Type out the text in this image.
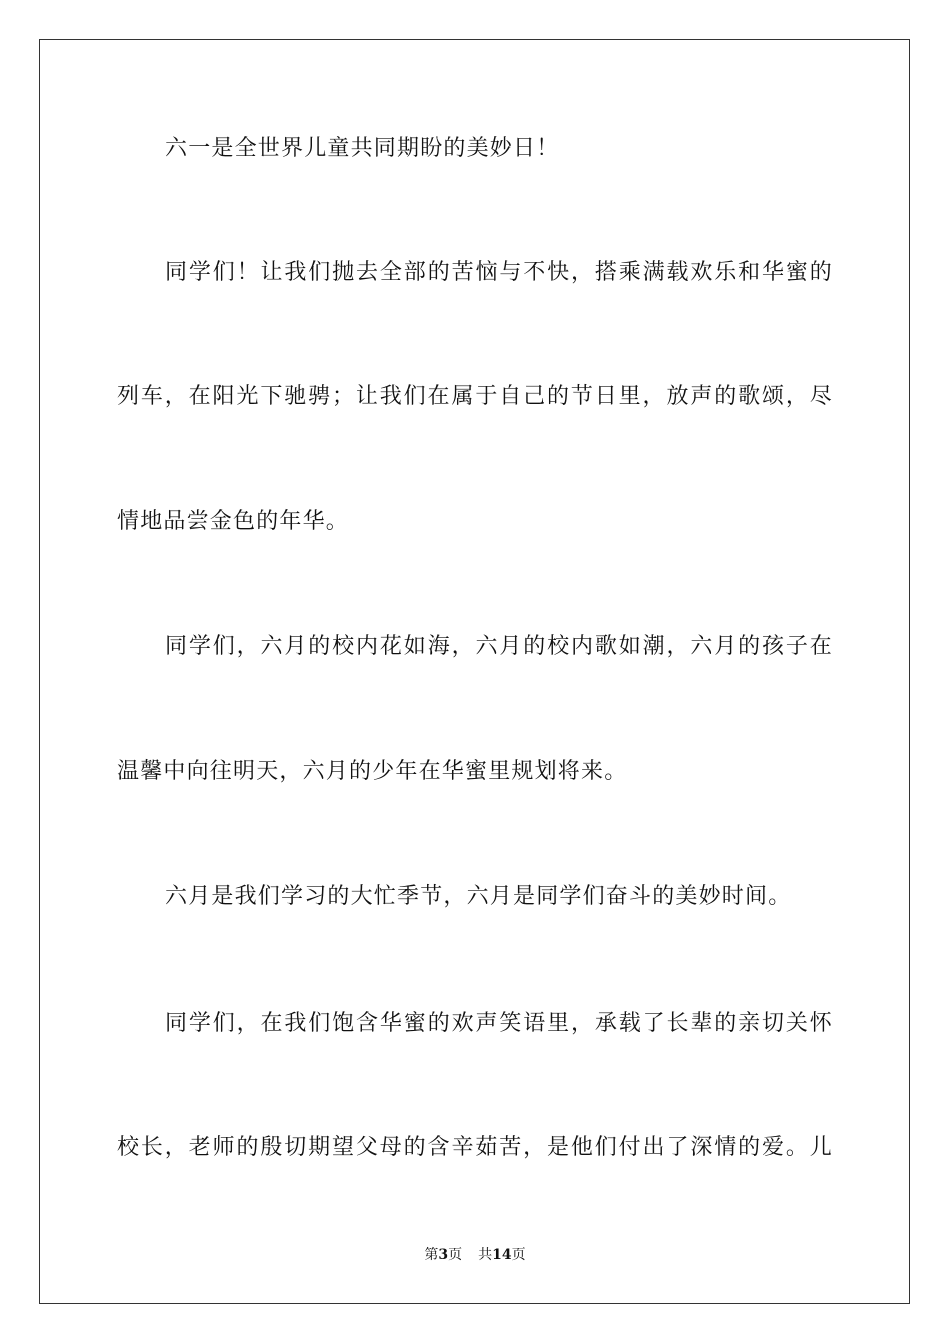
六一是全世界儿童共同期盼的美妙日！
同学们！让我们抛去全部的苦恼与不快，搭乘满载欢乐和华蜜的
列车，在阳光下驰骋；让我们在属于自己的节日里，放声的歌颂，尽
情地品尝金色的年华。
同学们，六月的校内花如海，六月的校内歌如潮，六月的孩子在
温馨中向往明天，六月的少年在华蜜里规划将来。
六月是我们学习的大忙季节，六月是同学们奋斗的美妙时间。
同学们，在我们饱含华蜜的欢声笑语里，承载了长辈的亲切关怀
校长，老师的殷切期望父母的含辛茹苦，是他们付出了深情的爱。儿
第3页 共14页
